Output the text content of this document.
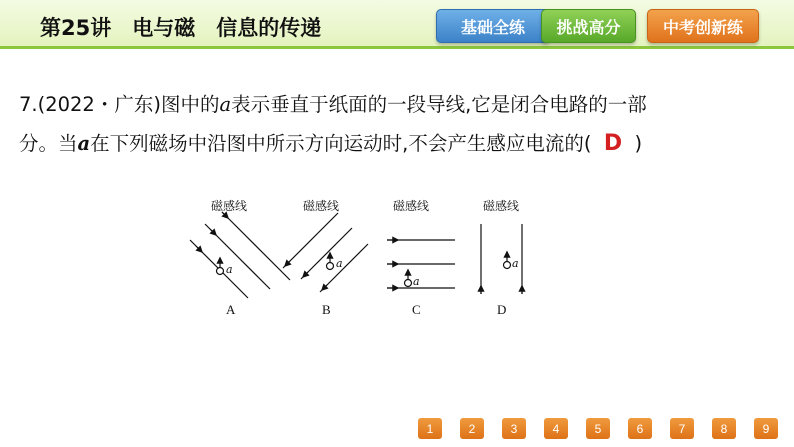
第25讲　电与磁　信息的传递	基础全练	挑战高分	中考创新练
7.(2022・广东)图中的a表示垂直于纸面的一段导线,它是闭合电路的一部
分。当a在下列磁场中沿图中所示方向运动时,不会产生感应电流的( D )
磁感线
a
A
磁感线
a
B
磁感线
a
C
磁感线
a
D
1	2	3	4	5	6	7	8	9
